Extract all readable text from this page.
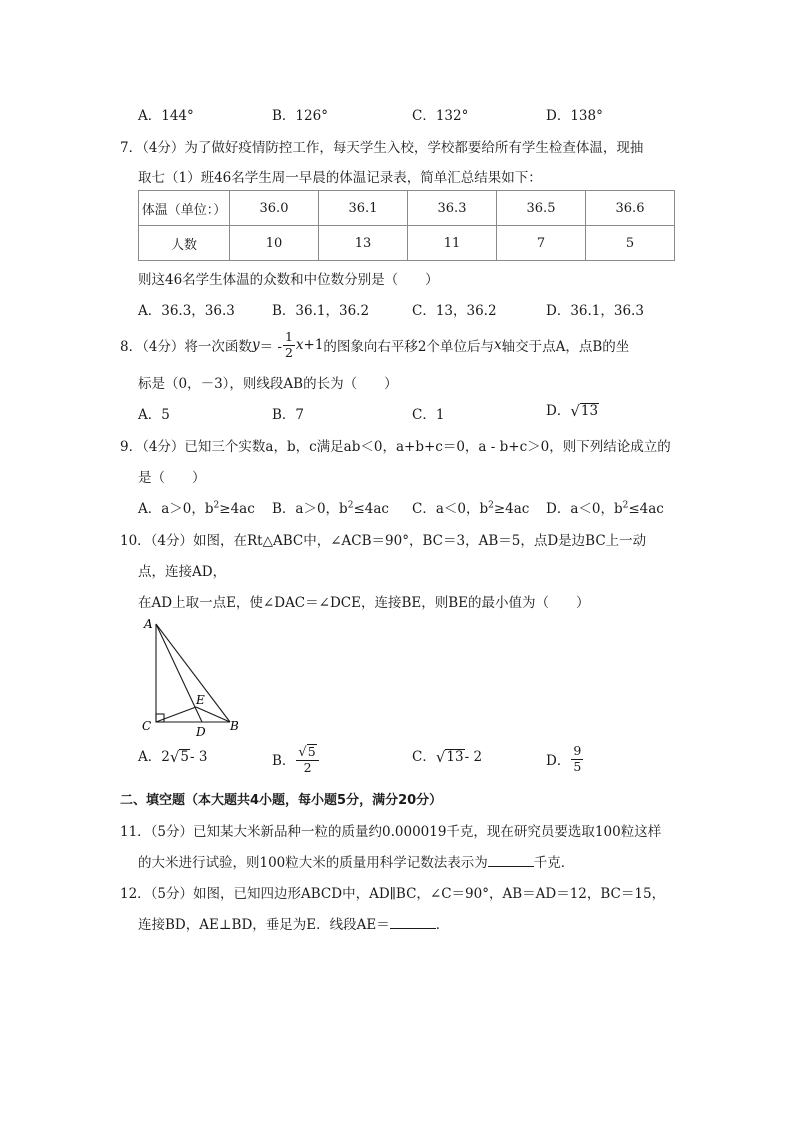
A．144°	B．126°	C．132°	D．138°
7．（4分）为了做好疫情防控工作，每天学生入校，学校都要给所有学生检查体温，现抽
取七（1）班46名学生周一早晨的体温记录表，简单汇总结果如下：
体温（单位：）	36.0	36.1	36.3	36.5	36.6
人数	10	13	11	7	5
则这46名学生体温的众数和中位数分别是（　　）
A．36.3，36.3	B．36.1，36.2	C．13，36.2	D．36.1，36.3
8．（4分）将一次函数 y ＝ - $\frac{1}{2}$ x +1 的图象向右平移2个单位后与 x 轴交于点A，点B的坐
标是（0，－3），则线段AB的长为（　　）
A．5	B．7	C．1	D． √ 13
9．（4分）已知三个实数a，b，c满足ab＜0，a+b+c＝0，a - b+c＞0，则下列结论成立的
是（　　）
A．a＞0，$b^2\ge 4ac$ B．a＞0，$b^2\le 4ac$ C．a＜0，$b^2\ge 4ac$ D．a＜0，$b^2\le 4ac$
10．（4分）如图，在Rt△ABC中，∠ACB＝90°，BC＝3，AB＝5，点D是边BC上一动
点，连接AD，
在AD上取一点E，使∠DAC＝∠DCE，连接BE，则BE的最小值为（　　）
A
C	B
D
E
A． 2 √ 5 - 3	B． $\frac{√ 5}{2}$	C． √ 13 - 2	D． $\frac{9}{5}$
二、填空题（本大题共4小题，每小题5分，满分20分）
11．（5分）已知某大米新品种一粒的质量约0.000019千克，现在研究员要选取100粒这样
的大米进行试验，则100粒大米的质量用科学记数法表示为	千克．
12．（5分）如图，已知四边形ABCD中，AD∥BC，∠C＝90°，AB＝AD＝12，BC＝15，
连接BD，AE⊥BD，垂足为E．线段AE＝	．
